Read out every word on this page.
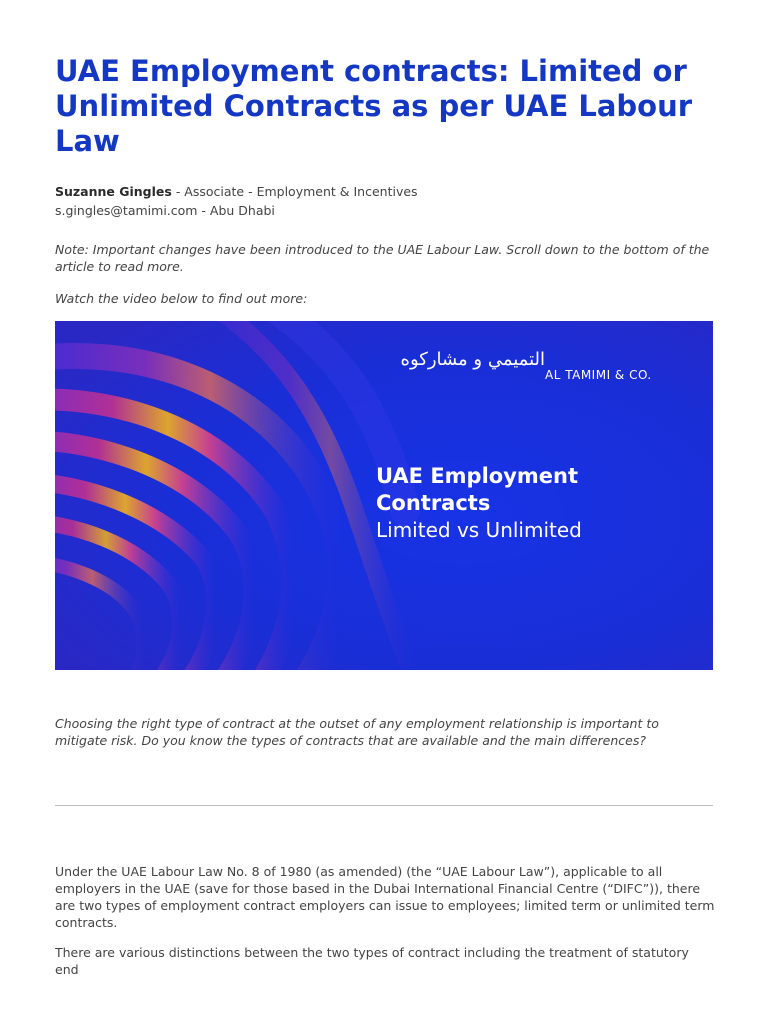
UAE Employment contracts: Limited or Unlimited Contracts as per UAE Labour Law
Suzanne Gingles - Associate - Employment & Incentives
s.gingles@tamimi.com - Abu Dhabi

Note: Important changes have been introduced to the UAE Labour Law. Scroll down to the bottom of the article to read more.

Watch the video below to find out more:

التميمي و مشاركوه
AL TAMIMI & CO.
UAE Employment
Contracts
Limited vs Unlimited

Choosing the right type of contract at the outset of any employment relationship is important to mitigate risk. Do you know the types of contracts that are available and the main differences?

Under the UAE Labour Law No. 8 of 1980 (as amended) (the “UAE Labour Law”), applicable to all employers in the UAE (save for those based in the Dubai International Financial Centre (“DIFC”)), there are two types of employment contract employers can issue to employees; limited term or unlimited term contracts.

There are various distinctions between the two types of contract including the treatment of statutory end
